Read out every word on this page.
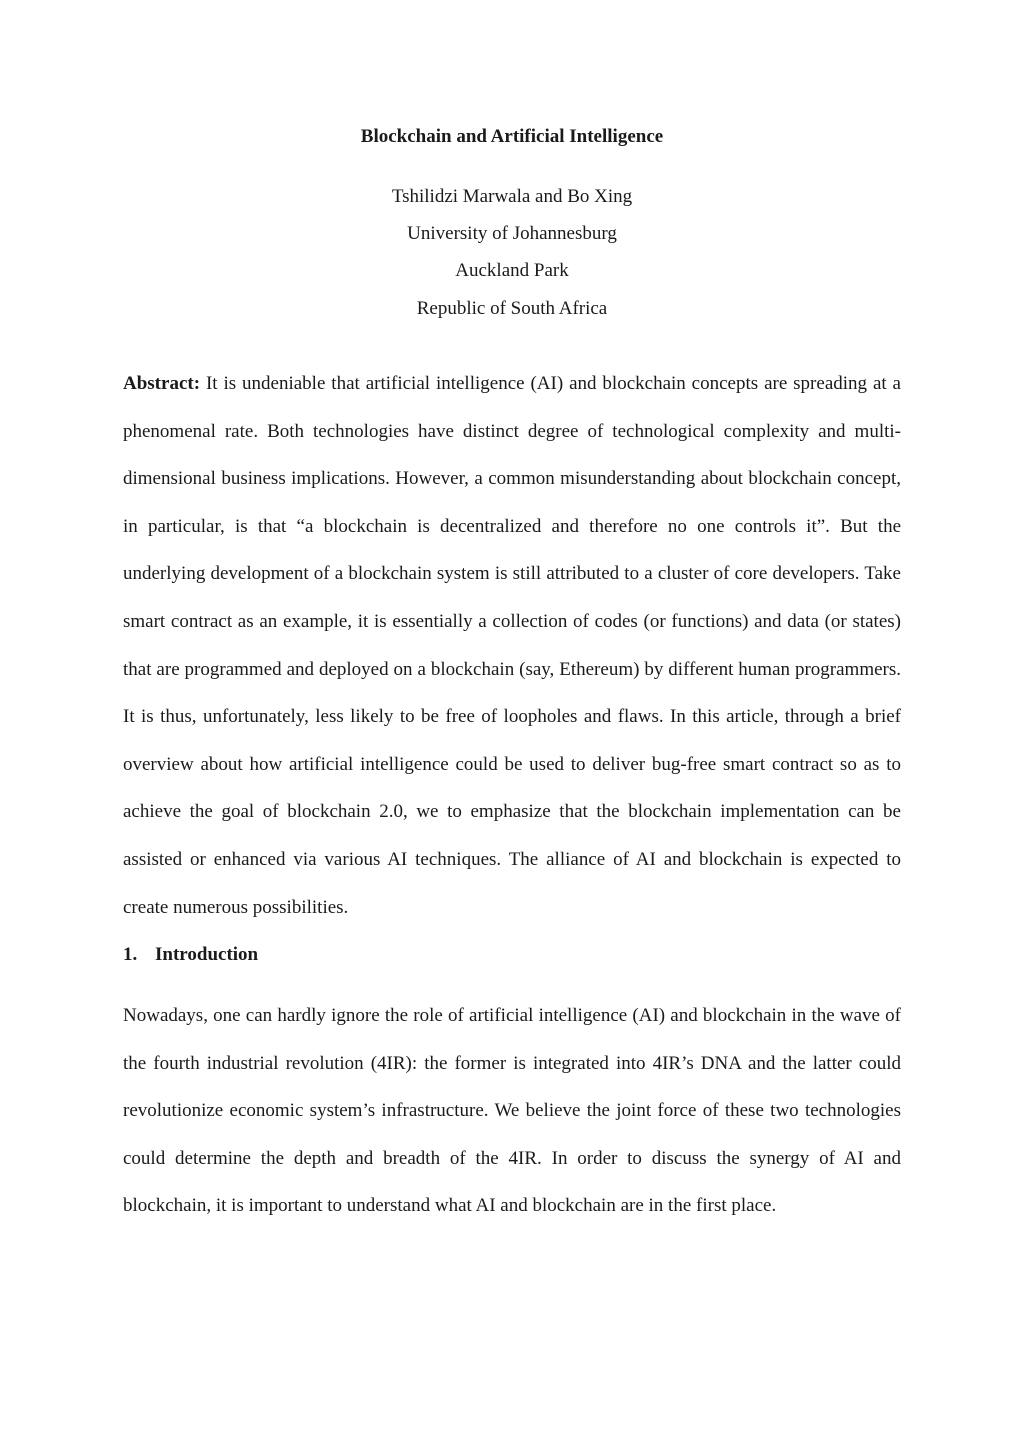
Blockchain and Artificial Intelligence
Tshilidzi Marwala and Bo Xing
University of Johannesburg
Auckland Park
Republic of South Africa

Abstract: It is undeniable that artificial intelligence (AI) and blockchain concepts are spreading at a phenomenal rate. Both technologies have distinct degree of technological complexity and multi-dimensional business implications. However, a common misunderstanding about blockchain concept, in particular, is that “a blockchain is decentralized and therefore no one controls it”. But the underlying development of a blockchain system is still attributed to a cluster of core developers. Take smart contract as an example, it is essentially a collection of codes (or functions) and data (or states) that are programmed and deployed on a blockchain (say, Ethereum) by different human programmers. It is thus, unfortunately, less likely to be free of loopholes and flaws. In this article, through a brief overview about how artificial intelligence could be used to deliver bug-free smart contract so as to achieve the goal of blockchain 2.0, we to emphasize that the blockchain implementation can be assisted or enhanced via various AI techniques. The alliance of AI and blockchain is expected to create numerous possibilities.

1. Introduction

Nowadays, one can hardly ignore the role of artificial intelligence (AI) and blockchain in the wave of the fourth industrial revolution (4IR): the former is integrated into 4IR’s DNA and the latter could revolutionize economic system’s infrastructure. We believe the joint force of these two technologies could determine the depth and breadth of the 4IR. In order to discuss the synergy of AI and blockchain, it is important to understand what AI and blockchain are in the first place.
